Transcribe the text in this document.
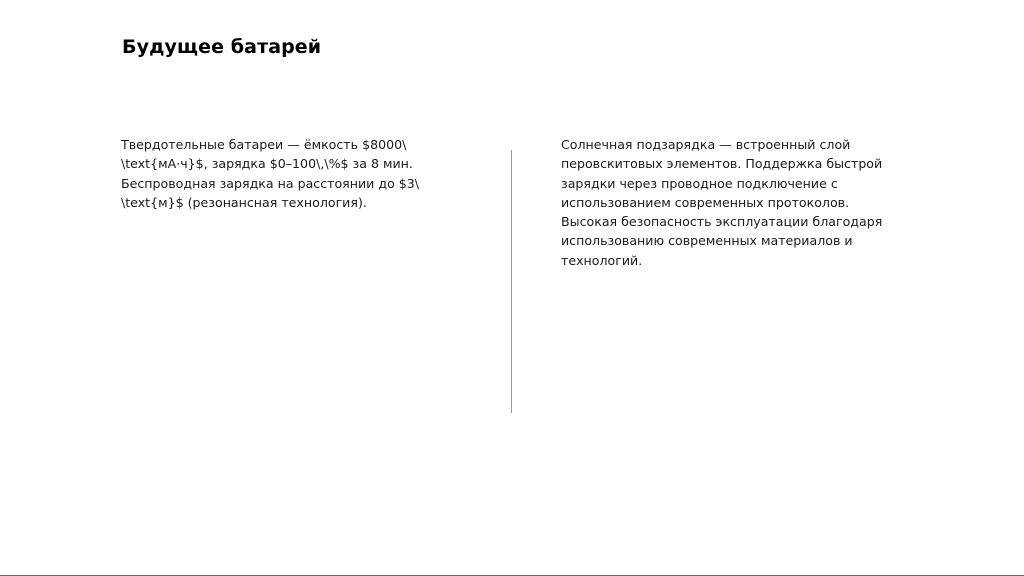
Будущее батарей

Твердотельные батареи — ёмкость $8000\ \text{мА·ч}$, зарядка $0–100\,\%$ за 8 мин. Беспроводная зарядка на расстоянии до $3\ \text{м}$ (резонансная технология).

Солнечная подзарядка — встроенный слой перовскитовых элементов. Поддержка быстрой зарядки через проводное подключение с использованием современных протоколов. Высокая безопасность эксплуатации благодаря использованию современных материалов и технологий.
